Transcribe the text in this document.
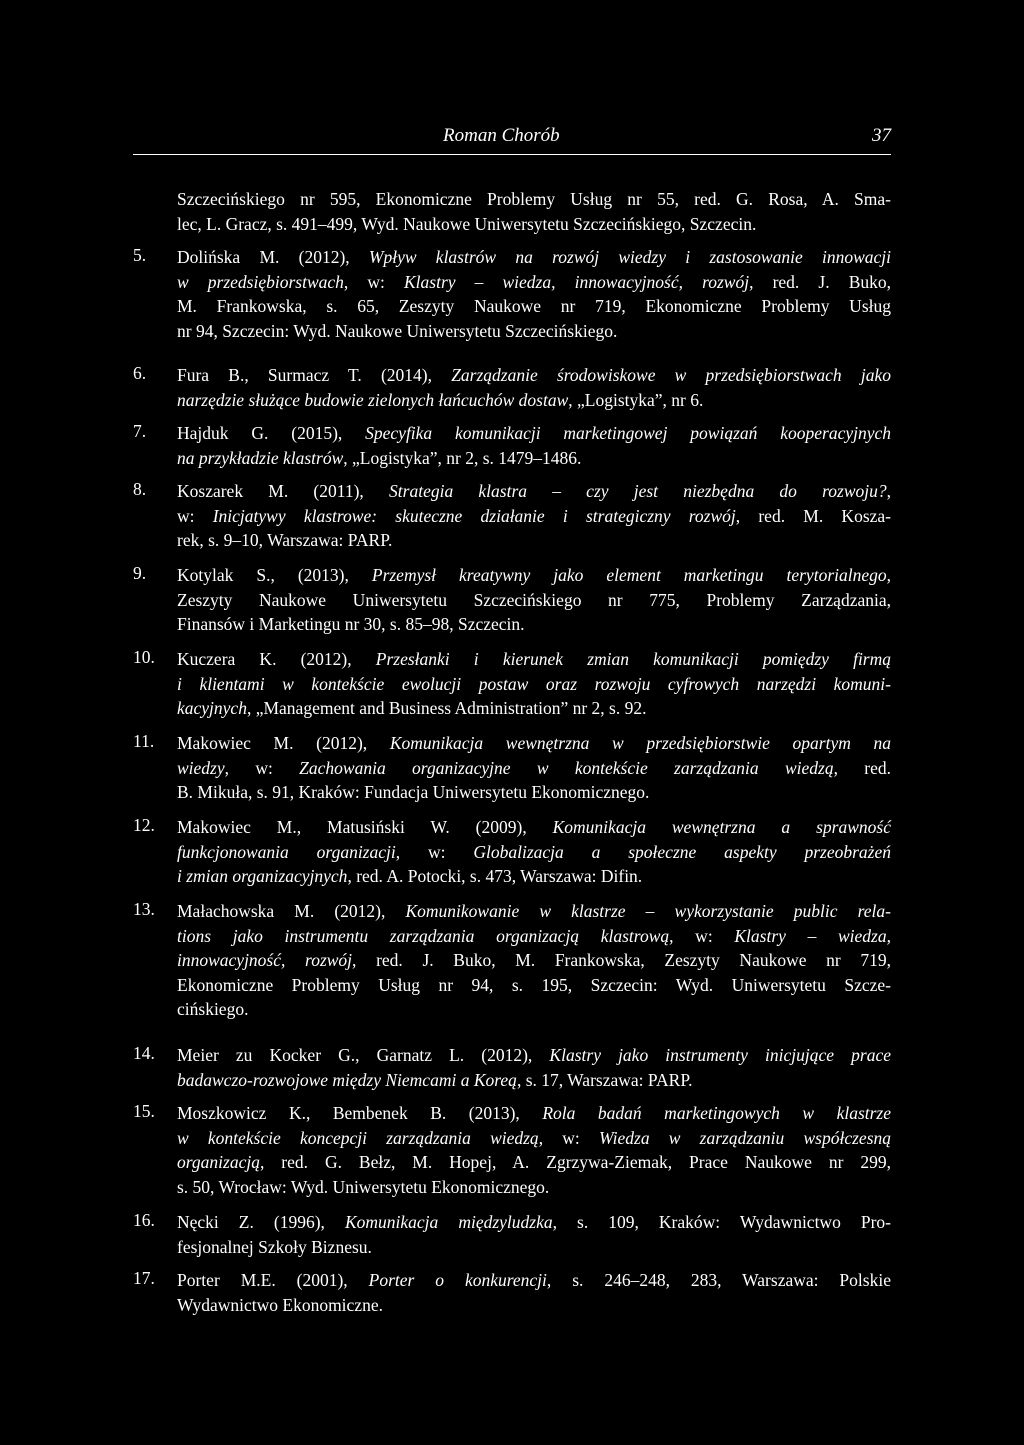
Roman Chorób	37
Szczecińskiego nr 595, Ekonomiczne Problemy Usług nr 55, red. G. Rosa, A. Sma-
lec, L. Gracz, s. 491–499, Wyd. Naukowe Uniwersytetu Szczecińskiego, Szczecin.
5.	Dolińska M. (2012), Wpływ klastrów na rozwój wiedzy i zastosowanie innowacji
w przedsiębiorstwach, w: Klastry – wiedza, innowacyjność, rozwój, red. J. Buko,
M. Frankowska, s. 65, Zeszyty Naukowe nr 719, Ekonomiczne Problemy Usług
nr 94, Szczecin: Wyd. Naukowe Uniwersytetu Szczecińskiego.
6.	Fura B., Surmacz T. (2014), Zarządzanie środowiskowe w przedsiębiorstwach jako
narzędzie służące budowie zielonych łańcuchów dostaw, „Logistyka”, nr 6.
7.	Hajduk G. (2015), Specyfika komunikacji marketingowej powiązań kooperacyjnych
na przykładzie klastrów, „Logistyka”, nr 2, s. 1479–1486.
8.	Koszarek M. (2011), Strategia klastra – czy jest niezbędna do rozwoju?,
w: Inicjatywy klastrowe: skuteczne działanie i strategiczny rozwój, red. M. Kosza-
rek, s. 9–10, Warszawa: PARP.
9.	Kotylak S., (2013), Przemysł kreatywny jako element marketingu terytorialnego,
Zeszyty Naukowe Uniwersytetu Szczecińskiego nr 775, Problemy Zarządzania,
Finansów i Marketingu nr 30, s. 85–98, Szczecin.
10.	Kuczera K. (2012), Przesłanki i kierunek zmian komunikacji pomiędzy firmą
i klientami w kontekście ewolucji postaw oraz rozwoju cyfrowych narzędzi komuni-
kacyjnych, „Management and Business Administration” nr 2, s. 92.
11.	Makowiec M. (2012), Komunikacja wewnętrzna w przedsiębiorstwie opartym na
wiedzy, w: Zachowania organizacyjne w kontekście zarządzania wiedzą, red.
B. Mikuła, s. 91, Kraków: Fundacja Uniwersytetu Ekonomicznego.
12.	Makowiec M., Matusiński W. (2009), Komunikacja wewnętrzna a sprawność
funkcjonowania organizacji, w: Globalizacja a społeczne aspekty przeobrażeń
i zmian organizacyjnych, red. A. Potocki, s. 473, Warszawa: Difin.
13.	Małachowska M. (2012), Komunikowanie w klastrze – wykorzystanie public rela-
tions jako instrumentu zarządzania organizacją klastrową, w: Klastry – wiedza,
innowacyjność, rozwój, red. J. Buko, M. Frankowska, Zeszyty Naukowe nr 719,
Ekonomiczne Problemy Usług nr 94, s. 195, Szczecin: Wyd. Uniwersytetu Szcze-
cińskiego.
14.	Meier zu Kocker G., Garnatz L. (2012), Klastry jako instrumenty inicjujące prace
badawczo-rozwojowe między Niemcami a Koreą, s. 17, Warszawa: PARP.
15.	Moszkowicz K., Bembenek B. (2013), Rola badań marketingowych w klastrze
w kontekście koncepcji zarządzania wiedzą, w: Wiedza w zarządzaniu współczesną
organizacją, red. G. Bełz, M. Hopej, A. Zgrzywa-Ziemak, Prace Naukowe nr 299,
s. 50, Wrocław: Wyd. Uniwersytetu Ekonomicznego.
16.	Nęcki Z. (1996), Komunikacja międzyludzka, s. 109, Kraków: Wydawnictwo Pro-
fesjonalnej Szkoły Biznesu.
17.	Porter M.E. (2001), Porter o konkurencji, s. 246–248, 283, Warszawa: Polskie
Wydawnictwo Ekonomiczne.
